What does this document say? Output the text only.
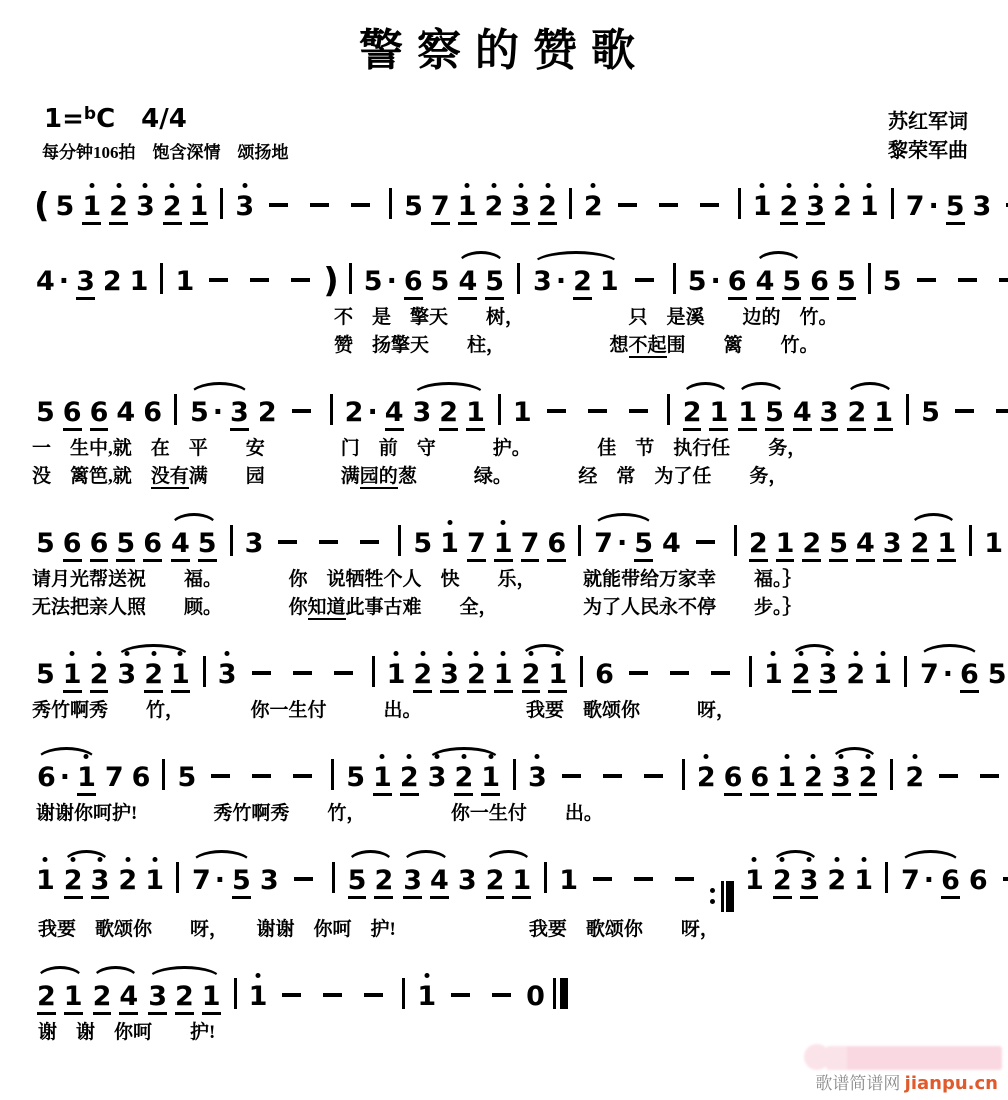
警察的赞歌
1=$^b$C 4/4	苏红军词
每分钟106拍　饱含深情　颂扬地	黎荣军曲
( 5 1 2 3 2 1 3	5 7 1 2 3 2 2	1 2 3 2 1 7 · 5 3
4 · 3 2 1 1	) 5 · 6 5 4 5 3 · 2 1	5 · 6 4 5 6 5 5
不　是　擎天　　树，　　　　　　只　是溪　　边的　竹。
赞　扬擎天　　柱，　　　　　　想不起围　　篱　　竹。
5 6 6 4 6 5 · 3 2	2 · 4 3 2 1 1	2 1 1 5 4 3 2 1 5
一　生中,就　在　平　　安　　　　门　前　守　　　护。　　　　佳　节　执行任　　务，
没　篱笆,就　没有满　　园　　　　满园的葱　　　绿。　　　　经　常　为了任　　务，
5 6 6 5 6 4 5 3	5 1 7 1 7 6 7 · 5 4	2 1 2 5 4 3 2 1 1
请月光帮送祝　　福。　　　　你　说牺牲个人　快　　乐，　　　就能带给万家幸　　福。｝
无法把亲人照　　顾。　　　　你知道此事古难　　全，　　　　　为了人民永不停　　步。｝
5 1 2 3 2 1 3	1 2 3 2 1 2 1 6	1 2 3 2 1 7 · 6 5
秀竹啊秀　　竹，　　　　你一生付　　　出。　　　　　　我要　歌颂你　　　呀，
6 · 1 7 6 5	5 1 2 3 2 1 3	2 6 6 1 2 3 2 2
谢谢你呵护!　　　　秀竹啊秀　　竹，　　　　　你一生付　　出。
1 2 3 2 1 7 · 5 3	5 2 3 4 3 2 1 1	1 2 3 2 1 7 · 6 6
我要　歌颂你　　呀，　　谢谢　你呵　护!　　　　　　　我要　歌颂你　　呀，
2 1 2 4 3 2 1 1	1	0
谢　谢　你呵　　护!
歌谱简谱网 jianpu.cn
